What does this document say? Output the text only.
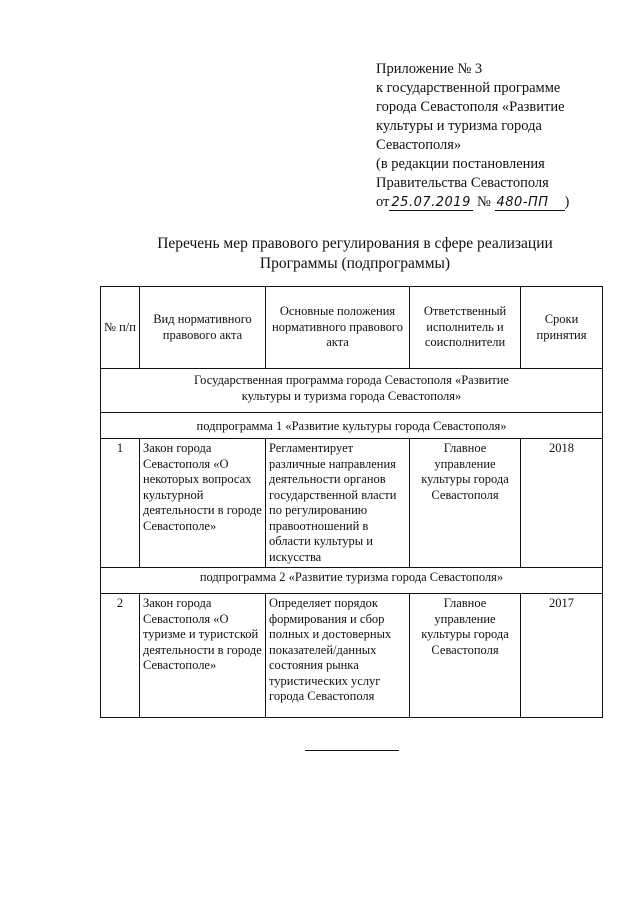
Приложение № 3
к государственной программе
города Севастополя «Развитие
культуры и туризма города
Севастополя»
(в редакции постановления
Правительства Севастополя
от 25.07.2019 № 480-ПП )
Перечень мер правового регулирования в сфере реализации
Программы (подпрограммы)
№ п/п	Вид нормативного правового акта	Основные положения нормативного правового акта	Ответственный исполнитель и соисполнители	Сроки принятия
Государственная программа города Севастополя «Развитие культуры и туризма города Севастополя»				
подпрограмма 1 «Развитие культуры города Севастополя»				
1	Закон города Севастополя «О некоторых вопросах культурной деятельности в городе Севастополе»	Регламентирует различные направления деятельности органов государственной власти по регулированию правоотношений в области культуры и искусства	Главное управление культуры города Севастополя	2018
подпрограмма 2 «Развитие туризма города Севастополя»				
2	Закон города Севастополя «О туризме и туристской деятельности в городе Севастополе»	Определяет порядок формирования и сбор полных и достоверных показателей/данных состояния рынка туристических услуг города Севастополя	Главное управление культуры города Севастополя	2017
